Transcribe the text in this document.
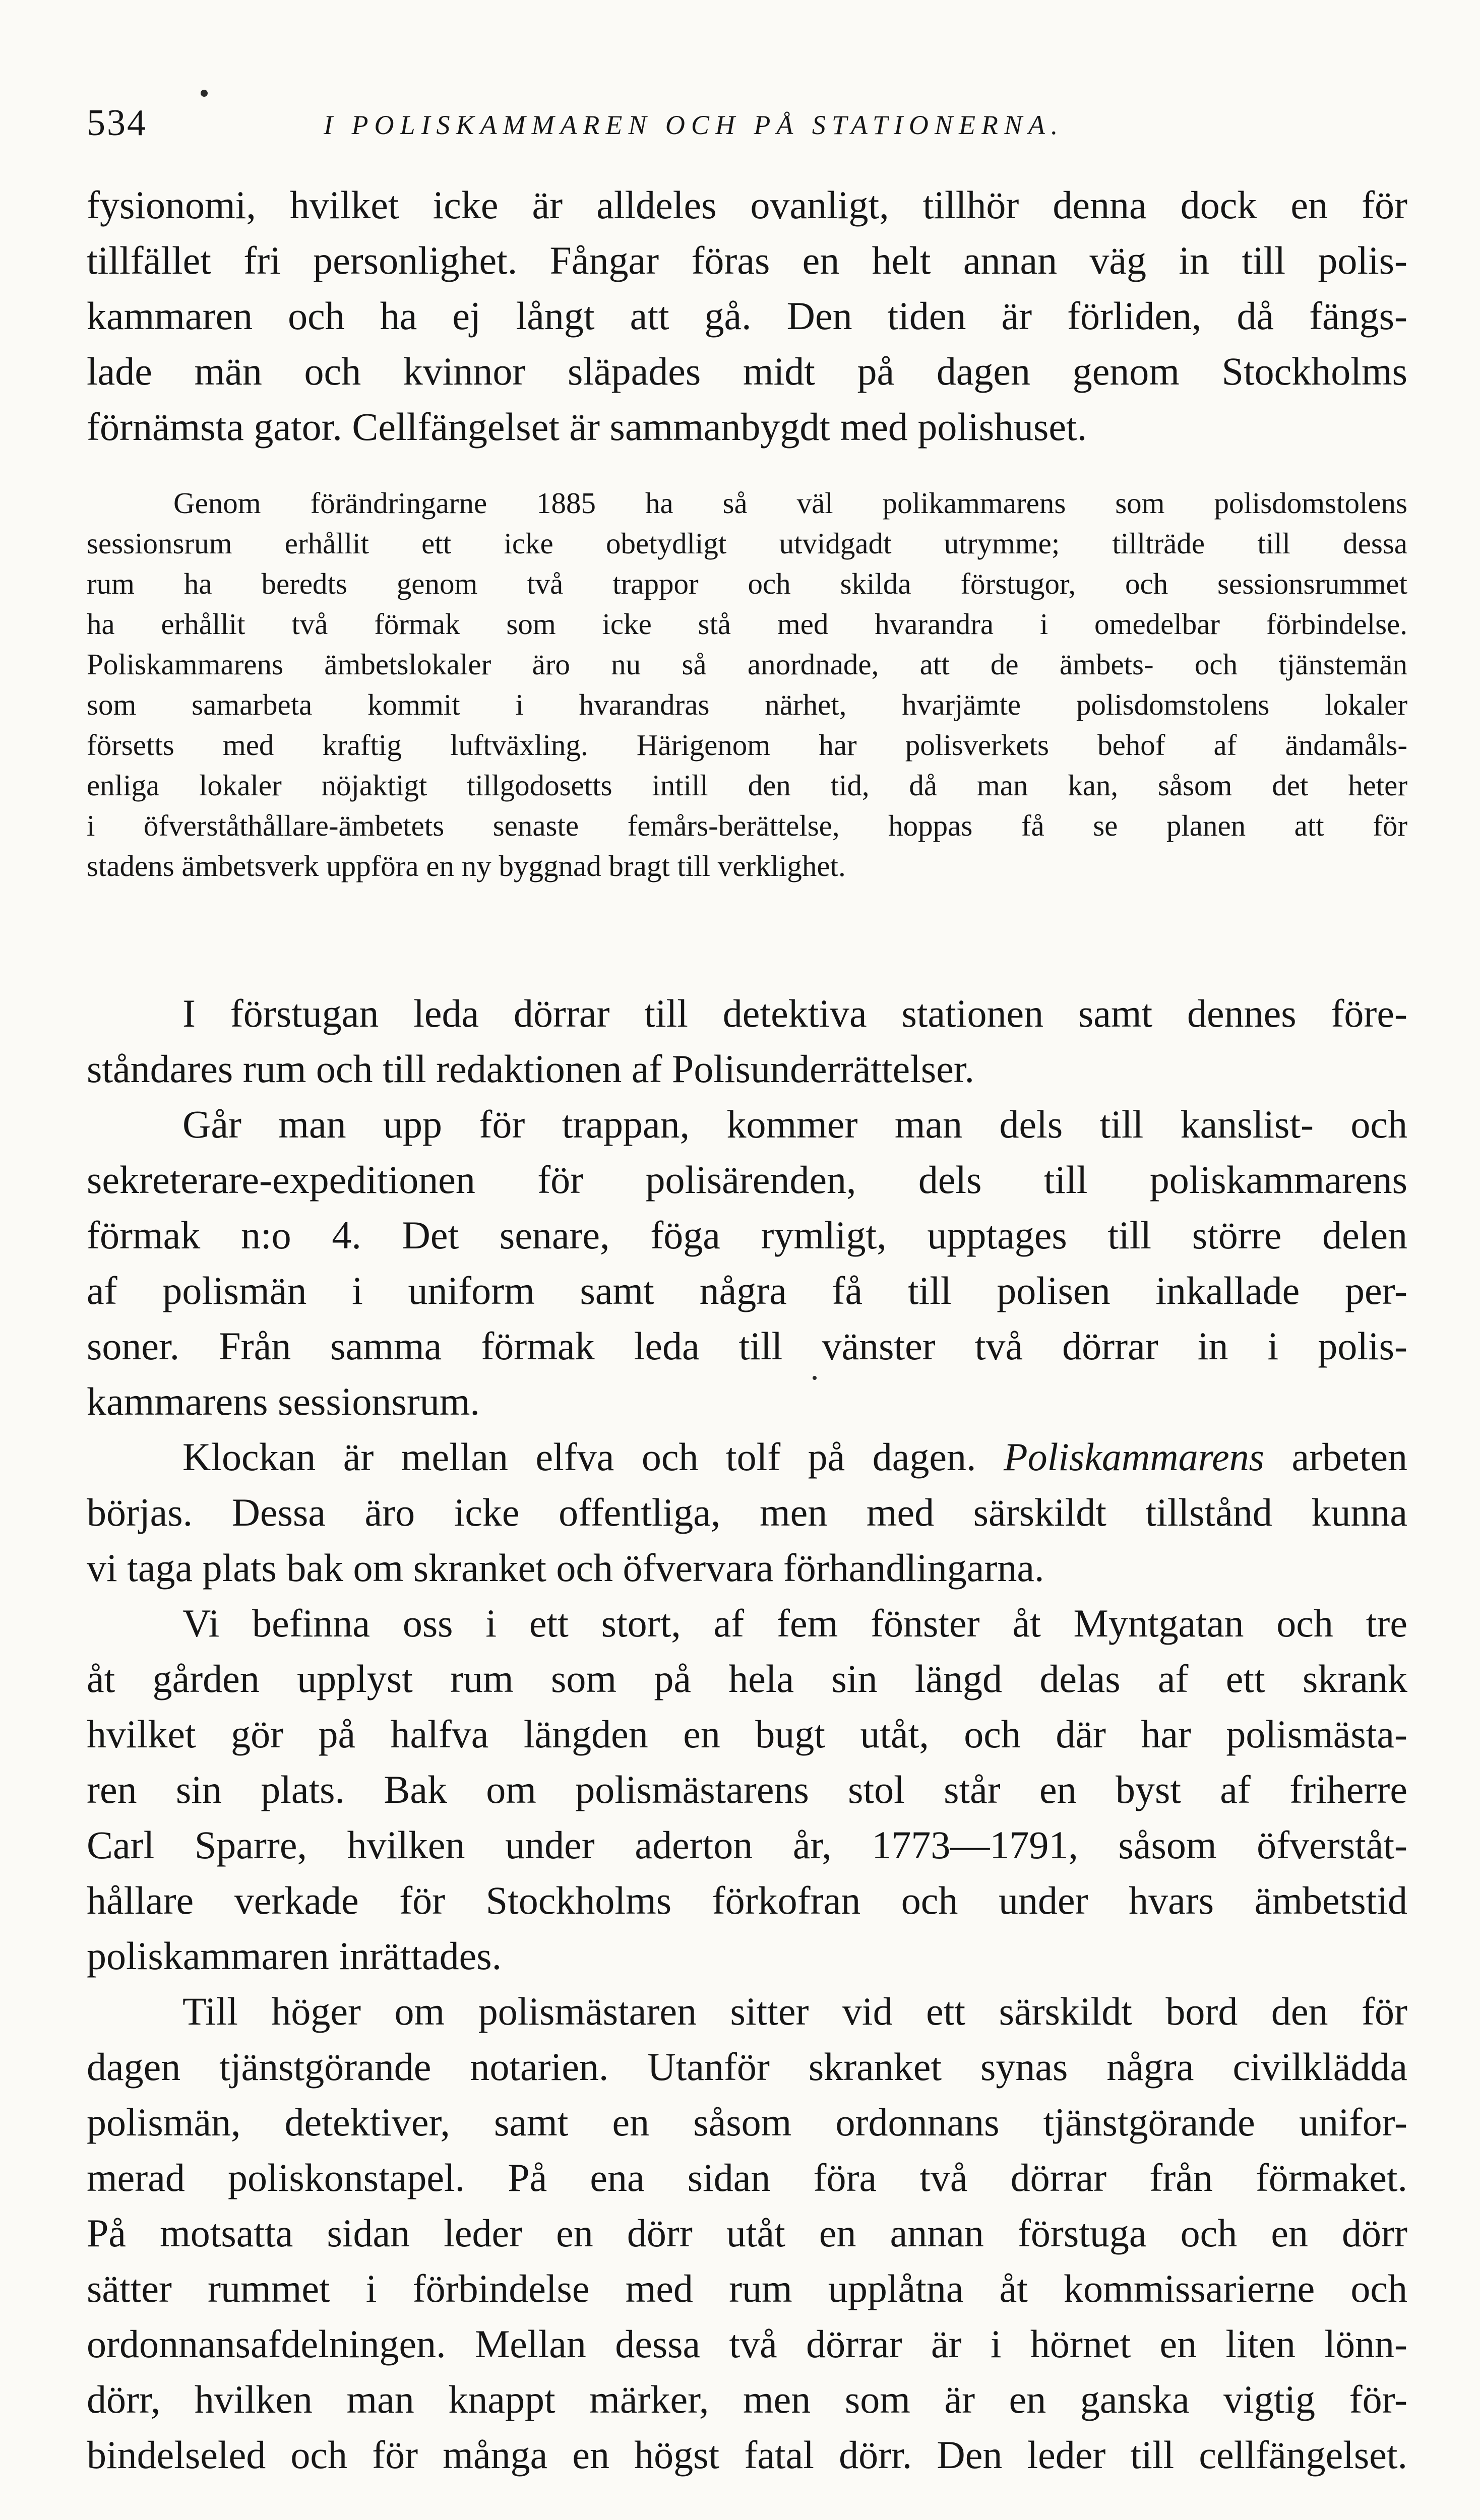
534	I POLISKAMMAREN OCH PÅ STATIONERNA.
fysionomi, hvilket icke är alldeles ovanligt, tillhör denna dock en för
tillfället fri personlighet. Fångar föras en helt annan väg in till polis-
kammaren och ha ej långt att gå. Den tiden är förliden, då fängs-
lade män och kvinnor släpades midt på dagen genom Stockholms
förnämsta gator. Cellfängelset är sammanbygdt med polishuset.
Genom förändringarne 1885 ha så väl polikammarens som polisdomstolens
sessionsrum erhållit ett icke obetydligt utvidgadt utrymme; tillträde till dessa
rum ha beredts genom två trappor och skilda förstugor, och sessionsrummet
ha erhållit två förmak som icke stå med hvarandra i omedelbar förbindelse.
Poliskammarens ämbetslokaler äro nu så anordnade, att de ämbets- och tjänstemän
som samarbeta kommit i hvarandras närhet, hvarjämte polisdomstolens lokaler
försetts med kraftig luftväxling. Härigenom har polisverkets behof af ändamåls-
enliga lokaler nöjaktigt tillgodosetts intill den tid, då man kan, såsom det heter
i öfverståthållare-ämbetets senaste femårs-berättelse, hoppas få se planen att för
stadens ämbetsverk uppföra en ny byggnad bragt till verklighet.
I förstugan leda dörrar till detektiva stationen samt dennes före-
ståndares rum och till redaktionen af Polisunderrättelser.
Går man upp för trappan, kommer man dels till kanslist- och
sekreterare-expeditionen för polisärenden, dels till poliskammarens
förmak n:o 4. Det senare, föga rymligt, upptages till större delen
af polismän i uniform samt några få till polisen inkallade per-
soner. Från samma förmak leda till vänster två dörrar in i polis-
kammarens sessionsrum.
Klockan är mellan elfva och tolf på dagen. Poliskammarens arbeten
börjas. Dessa äro icke offentliga, men med särskildt tillstånd kunna
vi taga plats bak om skranket och öfvervara förhandlingarna.
Vi befinna oss i ett stort, af fem fönster åt Myntgatan och tre
åt gården upplyst rum som på hela sin längd delas af ett skrank
hvilket gör på halfva längden en bugt utåt, och där har polismästa-
ren sin plats. Bak om polismästarens stol står en byst af friherre
Carl Sparre, hvilken under aderton år, 1773—1791, såsom öfverståt-
hållare verkade för Stockholms förkofran och under hvars ämbetstid
poliskammaren inrättades.
Till höger om polismästaren sitter vid ett särskildt bord den för
dagen tjänstgörande notarien. Utanför skranket synas några civilklädda
polismän, detektiver, samt en såsom ordonnans tjänstgörande unifor-
merad poliskonstapel. På ena sidan föra två dörrar från förmaket.
På motsatta sidan leder en dörr utåt en annan förstuga och en dörr
sätter rummet i förbindelse med rum upplåtna åt kommissarierne och
ordonnansafdelningen. Mellan dessa två dörrar är i hörnet en liten lönn-
dörr, hvilken man knappt märker, men som är en ganska vigtig för-
bindelseled och för många en högst fatal dörr. Den leder till cellfängelset.
